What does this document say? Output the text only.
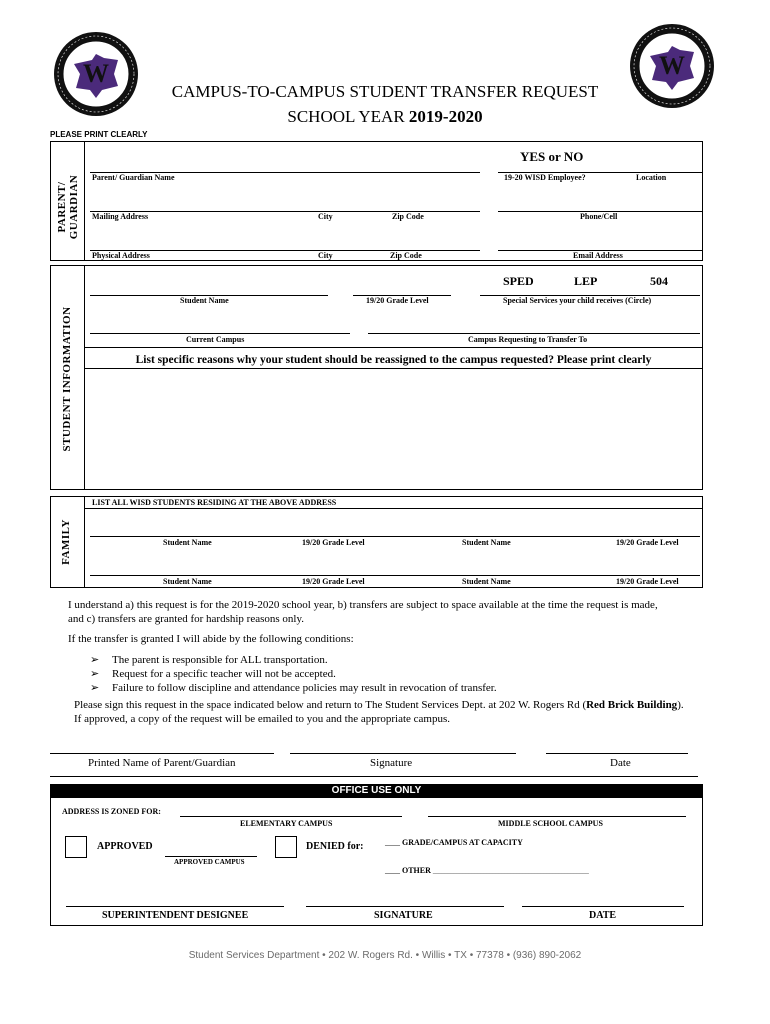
W	W
CAMPUS-TO-CAMPUS STUDENT TRANSFER REQUEST
SCHOOL YEAR 2019-2020
PLEASE PRINT CLEARLY
PARENT/ GUARDIAN
YES or NO
Parent/ Guardian Name	19-20 WISD Employee?	Location
Mailing Address	City	Zip Code	Phone/Cell
Physical Address	City	Zip Code	Email Address
STUDENT INFORMATION
SPED	LEP	504
Student Name	19/20 Grade Level	Special Services your child receives (Circle)
Current Campus	Campus Requesting to Transfer To
List specific reasons why your student should be reassigned to the campus requested? Please print clearly
FAMILY
LIST ALL WISD STUDENTS RESIDING AT THE ABOVE ADDRESS
Student Name	19/20 Grade Level	Student Name	19/20 Grade Level
Student Name	19/20 Grade Level	Student Name	19/20 Grade Level
I understand a) this request is for the 2019-2020 school year, b) transfers are subject to space available at the time the request is made,
and c) transfers are granted for hardship reasons only.
If the transfer is granted I will abide by the following conditions:
➢ The parent is responsible for ALL transportation.
➢ Request for a specific teacher will not be accepted.
➢ Failure to follow discipline and attendance policies may result in revocation of transfer.
Please sign this request in the space indicated below and return to The Student Services Dept. at 202 W. Rogers Rd (Red Brick Building).
If approved, a copy of the request will be emailed to you and the appropriate campus.
Printed Name of Parent/Guardian	Signature	Date
OFFICE USE ONLY
ADDRESS IS ZONED FOR:
ELEMENTARY CAMPUS	MIDDLE SCHOOL CAMPUS
APPROVED
APPROVED CAMPUS
DENIED for:	_____ GRADE/CAMPUS AT CAPACITY
_____ OTHER ____________________________________________________
SUPERINTENDENT DESIGNEE	SIGNATURE	DATE
Student Services Department • 202 W. Rogers Rd. • Willis • TX • 77378 • (936) 890-2062
